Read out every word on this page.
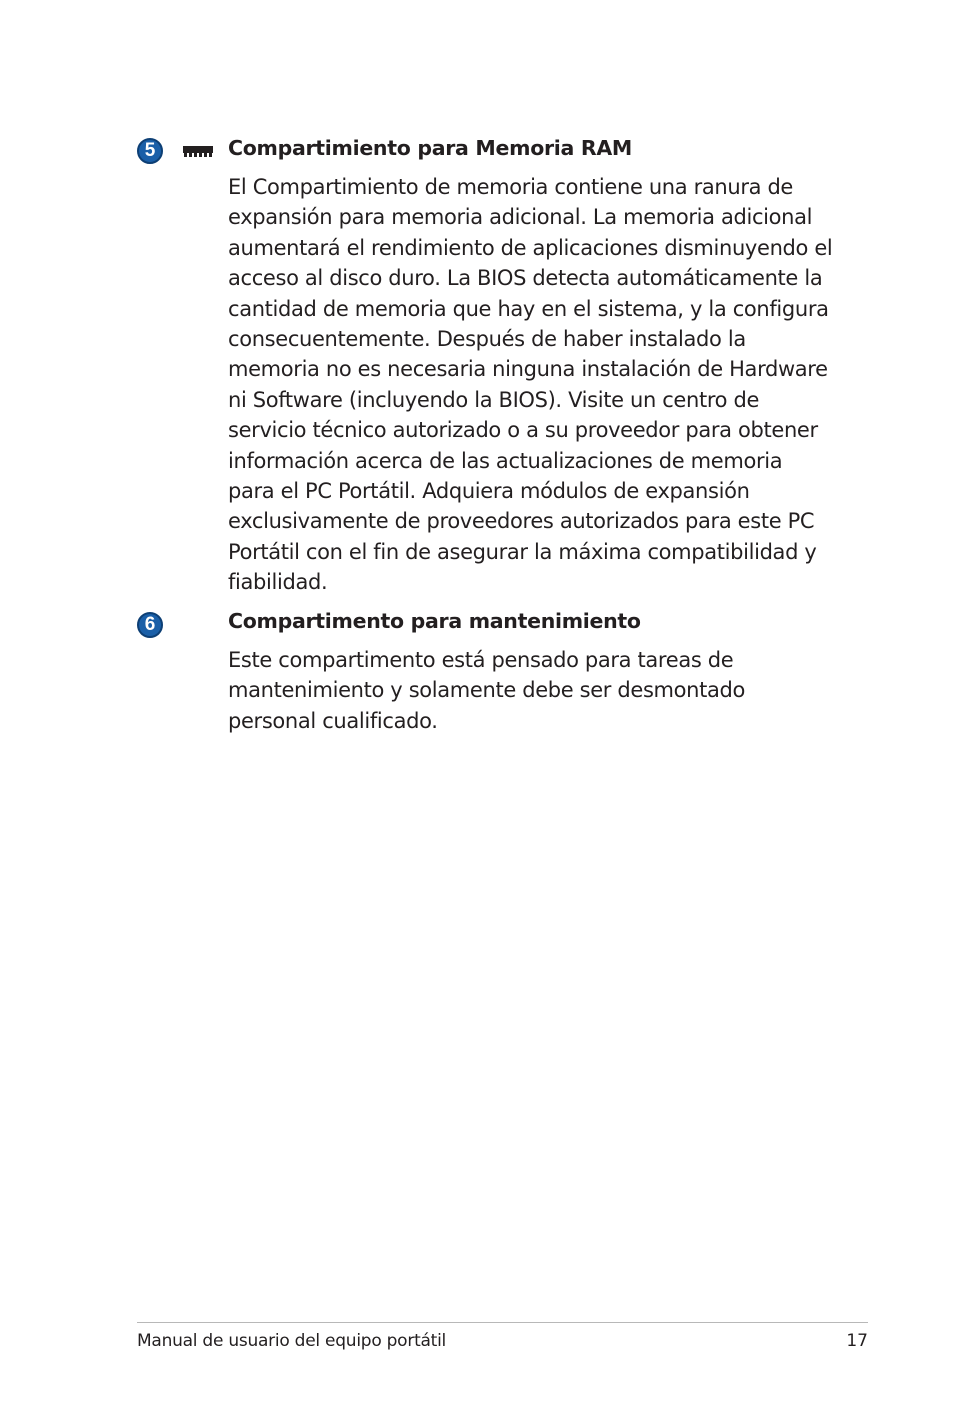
5	Compartimiento para Memoria RAM
El Compartimiento de memoria contiene una ranura de
expansión para memoria adicional. La memoria adicional
aumentará el rendimiento de aplicaciones disminuyendo el
acceso al disco duro. La BIOS detecta automáticamente la
cantidad de memoria que hay en el sistema, y la configura
consecuentemente. Después de haber instalado la
memoria no es necesaria ninguna instalación de Hardware
ni Software (incluyendo la BIOS). Visite un centro de
servicio técnico autorizado o a su proveedor para obtener
información acerca de las actualizaciones de memoria
para el PC Portátil. Adquiera módulos de expansión
exclusivamente de proveedores autorizados para este PC
Portátil con el fin de asegurar la máxima compatibilidad y
fiabilidad.
6	Compartimento para mantenimiento
Este compartimento está pensado para tareas de
mantenimiento y solamente debe ser desmontado
personal cualificado.
Manual de usuario del equipo portátil	17
